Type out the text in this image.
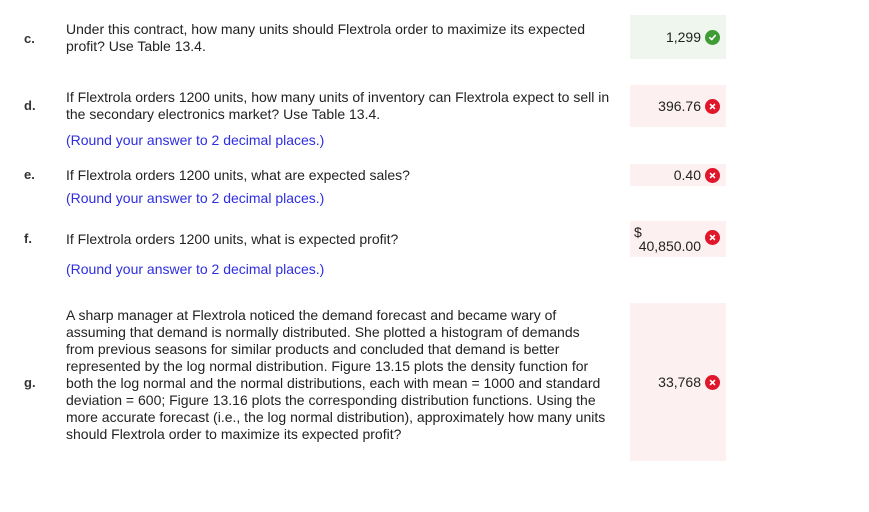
c.
Under this contract, how many units should Flextrola order to maximize its expected profit? Use Table 13.4.
1,299
d.
If Flextrola orders 1200 units, how many units of inventory can Flextrola expect to sell in the secondary electronics market? Use Table 13.4.
(Round your answer to 2 decimal places.)
396.76
e. If Flextrola orders 1200 units, what are expected sales?
(Round your answer to 2 decimal places.)
0.40
f. If Flextrola orders 1200 units, what is expected profit?
(Round your answer to 2 decimal places.)
$
40,850.00
g.
A sharp manager at Flextrola noticed the demand forecast and became wary of assuming that demand is normally distributed. She plotted a histogram of demands from previous seasons for similar products and concluded that demand is better represented by the log normal distribution. Figure 13.15 plots the density function for both the log normal and the normal distributions, each with mean = 1000 and standard deviation = 600; Figure 13.16 plots the corresponding distribution functions. Using the more accurate forecast (i.e., the log normal distribution), approximately how many units should Flextrola order to maximize its expected profit?
33,768
